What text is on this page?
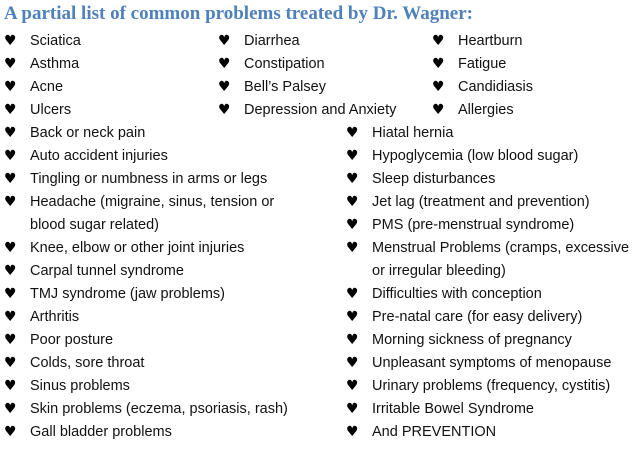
A partial list of common problems treated by Dr. Wagner:
♥ Sciatica
♥ Asthma
♥ Acne
♥ Ulcers
♥ Diarrhea
♥ Constipation
♥ Bell’s Palsey
♥ Depression and Anxiety
♥ Heartburn
♥ Fatigue
♥ Candidiasis
♥ Allergies
♥ Back or neck pain
♥ Auto accident injuries
♥ Tingling or numbness in arms or legs
♥ Headache (migraine, sinus, tension or
blood sugar related)
♥ Knee, elbow or other joint injuries
♥ Carpal tunnel syndrome
♥ TMJ syndrome (jaw problems)
♥ Arthritis
♥ Poor posture
♥ Colds, sore throat
♥ Sinus problems
♥ Skin problems (eczema, psoriasis, rash)
♥ Gall bladder problems
♥ Hiatal hernia
♥ Hypoglycemia (low blood sugar)
♥ Sleep disturbances
♥ Jet lag (treatment and prevention)
♥ PMS (pre-menstrual syndrome)
♥ Menstrual Problems (cramps, excessive
or irregular bleeding)
♥ Difficulties with conception
♥ Pre-natal care (for easy delivery)
♥ Morning sickness of pregnancy
♥ Unpleasant symptoms of menopause
♥ Urinary problems (frequency, cystitis)
♥ Irritable Bowel Syndrome
♥ And PREVENTION
